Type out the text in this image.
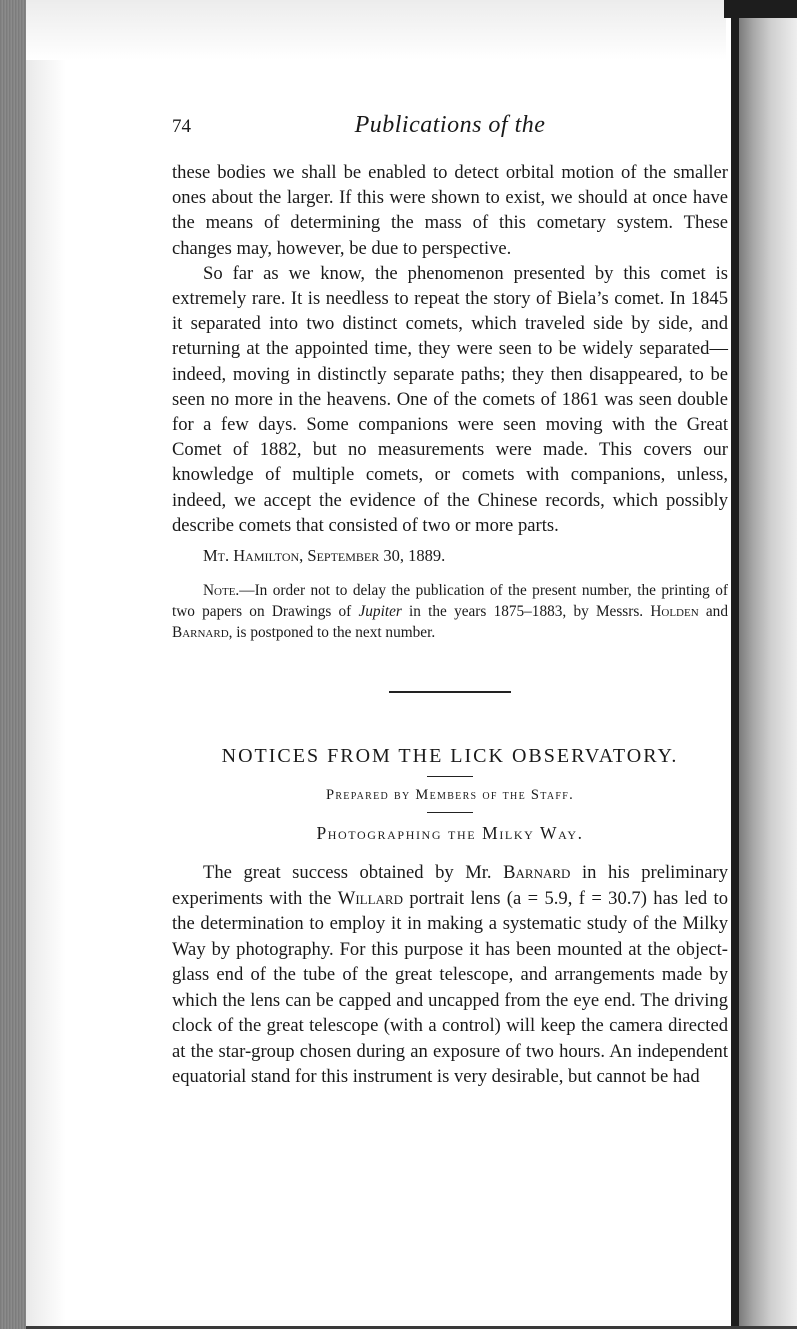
74	Publications of the

these bodies we shall be enabled to detect orbital motion of the smaller ones about the larger. If this were shown to exist, we should at once have the means of determining the mass of this cometary system. These changes may, however, be due to perspective.

So far as we know, the phenomenon presented by this comet is extremely rare. It is needless to repeat the story of Biela’s comet. In 1845 it separated into two distinct comets, which traveled side by side, and returning at the appointed time, they were seen to be widely separated—indeed, moving in distinctly separate paths; they then disappeared, to be seen no more in the heavens. One of the comets of 1861 was seen double for a few days. Some companions were seen moving with the Great Comet of 1882, but no measurements were made. This covers our knowledge of multiple comets, or comets with companions, unless, indeed, we accept the evidence of the Chinese records, which possibly describe comets that consisted of two or more parts.

Mt. Hamilton, September 30, 1889.

Note.—In order not to delay the publication of the present number, the printing of two papers on Drawings of Jupiter in the years 1875–1883, by Messrs. Holden and Barnard, is postponed to the next number.

NOTICES FROM THE LICK OBSERVATORY.
Prepared by Members of the Staff.
Photographing the Milky Way.

The great success obtained by Mr. Barnard in his preliminary experiments with the Willard portrait lens (a = 5.9, f = 30.7) has led to the determination to employ it in making a systematic study of the Milky Way by photography. For this purpose it has been mounted at the object-glass end of the tube of the great telescope, and arrangements made by which the lens can be capped and uncapped from the eye end. The driving clock of the great telescope (with a control) will keep the camera directed at the star-group chosen during an exposure of two hours. An independent equatorial stand for this instrument is very desirable, but cannot be had
